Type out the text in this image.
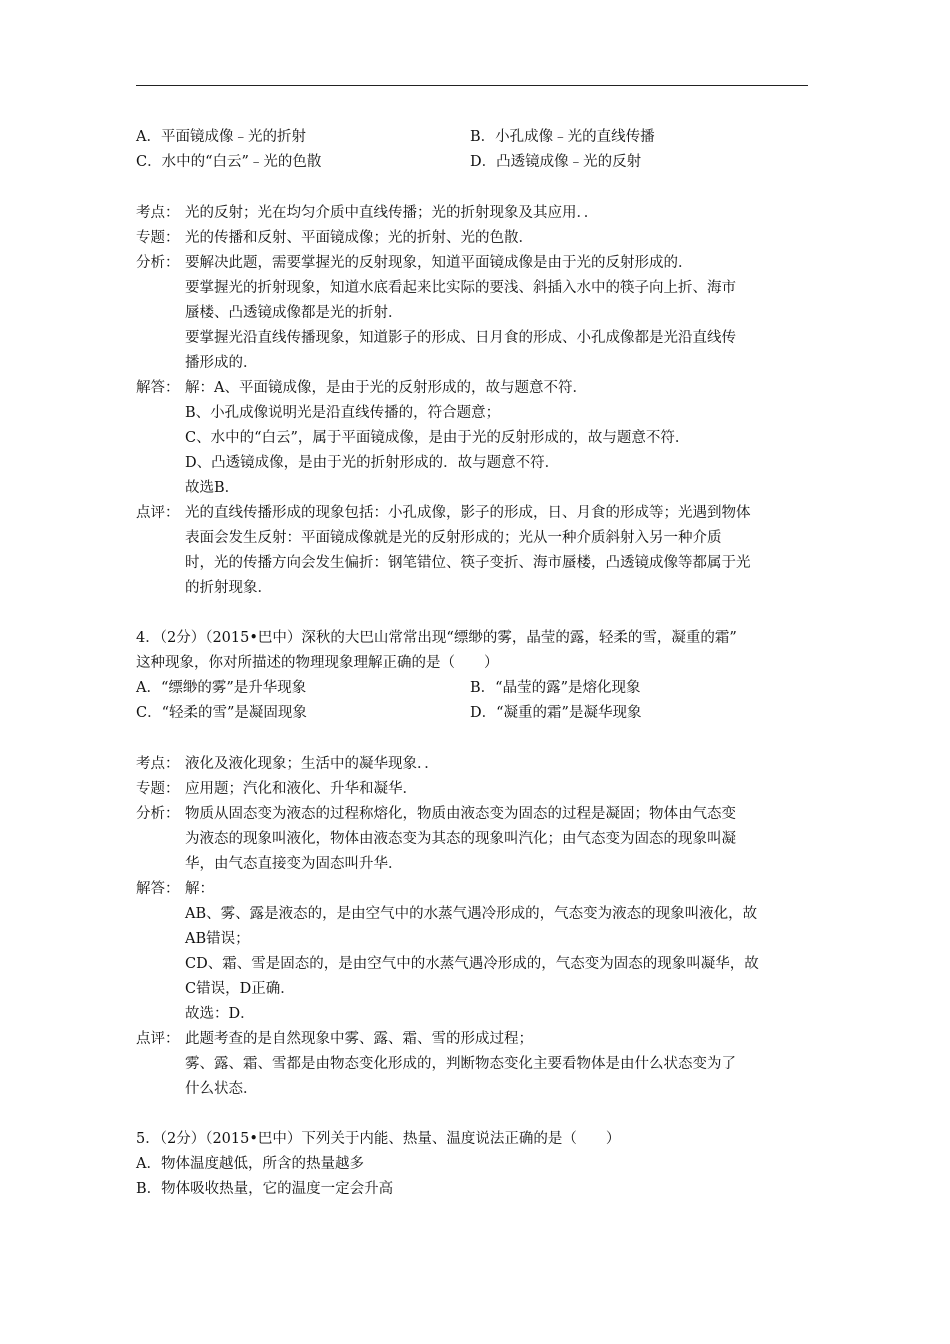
A．平面镜成像﹣光的折射	B．小孔成像﹣光的直线传播
C．水中的“白云”﹣光的色散	D．凸透镜成像﹣光的反射
考点： 光的反射；光在均匀介质中直线传播；光的折射现象及其应用．．
专题： 光的传播和反射、平面镜成像；光的折射、光的色散．
分析： 要解决此题，需要掌握光的反射现象，知道平面镜成像是由于光的反射形成的．
要掌握光的折射现象，知道水底看起来比实际的要浅、斜插入水中的筷子向上折、海市
蜃楼、凸透镜成像都是光的折射．
要掌握光沿直线传播现象，知道影子的形成、日月食的形成、小孔成像都是光沿直线传
播形成的．
解答： 解：A、平面镜成像，是由于光的反射形成的，故与题意不符．
B、小孔成像说明光是沿直线传播的，符合题意；
C、水中的“白云”，属于平面镜成像，是由于光的反射形成的，故与题意不符．
D、凸透镜成像，是由于光的折射形成的．故与题意不符．
故选B．
点评： 光的直线传播形成的现象包括：小孔成像，影子的形成，日、月食的形成等；光遇到物体
表面会发生反射：平面镜成像就是光的反射形成的；光从一种介质斜射入另一种介质
时，光的传播方向会发生偏折：钢笔错位、筷子变折、海市蜃楼，凸透镜成像等都属于光
的折射现象．
4．（2分）（2015•巴中）深秋的大巴山常常出现“缥缈的雾，晶莹的露，轻柔的雪，凝重的霜”
这种现象，你对所描述的物理现象理解正确的是（　　）
A．“缥缈的雾”是升华现象	B．“晶莹的露”是熔化现象
C．“轻柔的雪”是凝固现象	D．“凝重的霜”是凝华现象
考点： 液化及液化现象；生活中的凝华现象．．
专题： 应用题；汽化和液化、升华和凝华．
分析： 物质从固态变为液态的过程称熔化，物质由液态变为固态的过程是凝固；物体由气态变
为液态的现象叫液化，物体由液态变为其态的现象叫汽化；由气态变为固态的现象叫凝
华，由气态直接变为固态叫升华．
解答： 解：
AB、雾、露是液态的，是由空气中的水蒸气遇冷形成的，气态变为液态的现象叫液化，故
AB错误；
CD、霜、雪是固态的，是由空气中的水蒸气遇冷形成的，气态变为固态的现象叫凝华，故
C错误，D正确．
故选：D．
点评： 此题考查的是自然现象中雾、露、霜、雪的形成过程；
雾、露、霜、雪都是由物态变化形成的，判断物态变化主要看物体是由什么状态变为了
什么状态．
5．（2分）（2015•巴中）下列关于内能、热量、温度说法正确的是（　　）
A．物体温度越低，所含的热量越多
B．物体吸收热量，它的温度一定会升高
